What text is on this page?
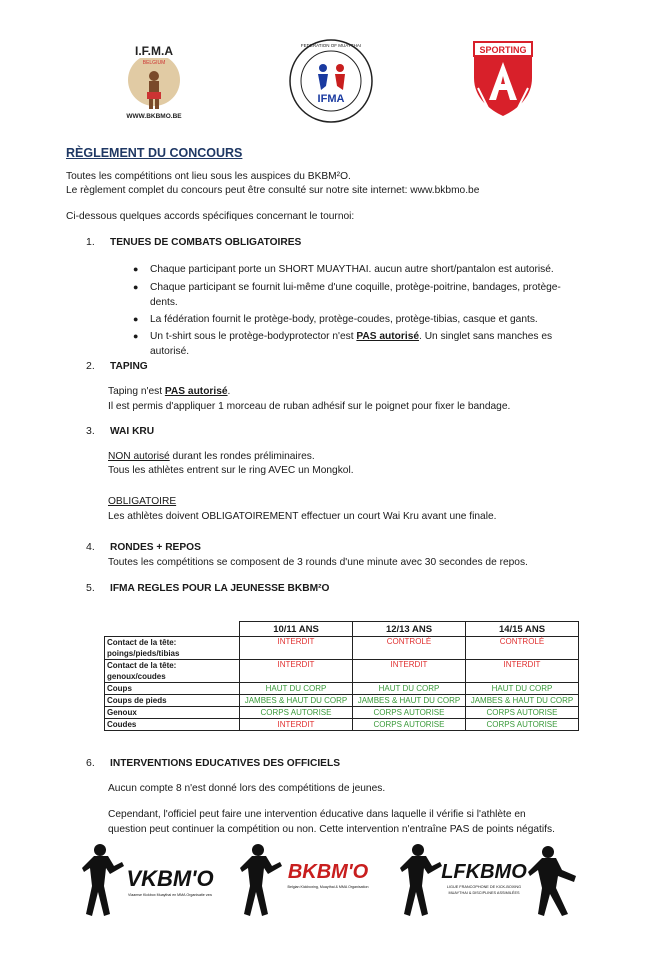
I.F.M.A
BELGIUM
WWW.BKBMO.BE
IFMA
FEDERATION OF MUAYTHAI	SPORTING
RÈGLEMENT DU CONCOURS
Toutes les compétitions ont lieu sous les auspices du BKBM²O.
Le règlement complet du concours peut être consulté sur notre site internet: www.bkbmo.be
Ci-dessous quelques accords spécifiques concernant le tournoi:
1. TENUES DE COMBATS OBLIGATOIRES
● Chaque participant porte un SHORT MUAYTHAI. aucun autre short/pantalon est autorisé.
● Chaque participant se fournit lui-même d'une coquille, protège-poitrine, bandages, protège-
dents.
● La fédération fournit le protège-body, protège-coudes, protège-tibias, casque et gants.
● Un t-shirt sous le protège-bodyprotector n'est PAS autorisé. Un singlet sans manches es
autorisé.
2. TAPING
Taping n'est PAS autorisé.
Il est permis d'appliquer 1 morceau de ruban adhésif sur le poignet pour fixer le bandage.
3. WAI KRU
NON autorisé durant les rondes préliminaires.
Tous les athlètes entrent sur le ring AVEC un Mongkol.
OBLIGATOIRE
Les athlètes doivent OBLIGATOIREMENT effectuer un court Wai Kru avant une finale.
4. RONDES + REPOS
Toutes les compétitions se composent de 3 rounds d'une minute avec 30 secondes de repos.
5. IFMA REGLES POUR LA JEUNESSE BKBM²O
	10/11 ANS	12/13 ANS	14/15 ANS
Contact de la tête:
poings/pieds/tibias	INTERDIT	CONTROLÉ	CONTROLÉ
Contact de la tête:
genoux/coudes	INTERDIT	INTERDIT	INTERDIT
Coups	HAUT DU CORP	HAUT DU CORP	HAUT DU CORP
Coups de pieds	JAMBES & HAUT DU CORP	JAMBES & HAUT DU CORP	JAMBES & HAUT DU CORP
Genoux	CORPS AUTORISE	CORPS AUTORISE	CORPS AUTORISE
Coudes	INTERDIT	CORPS AUTORISE	CORPS AUTORISE
6. INTERVENTIONS EDUCATIVES DES OFFICIELS
Aucun compte 8 n'est donné lors des compétitions de jeunes.
Cependant, l'officiel peut faire une intervention éducative dans laquelle il vérifie si l'athlète en
question peut continuer la compétition ou non. Cette intervention n'entraîne PAS de points négatifs.
VKBM'O
Vlaamse Kickbox Muaythai en MMA Organisatie vzw
BKBM'O
Belgian Kickboxing, Muaythai & MMA Organisation
LFKBMO
LIGUE FRANCOPHONE DE KICK-BOXING
MUAYTHAI & DISCIPLINES ASSIMILÉES
